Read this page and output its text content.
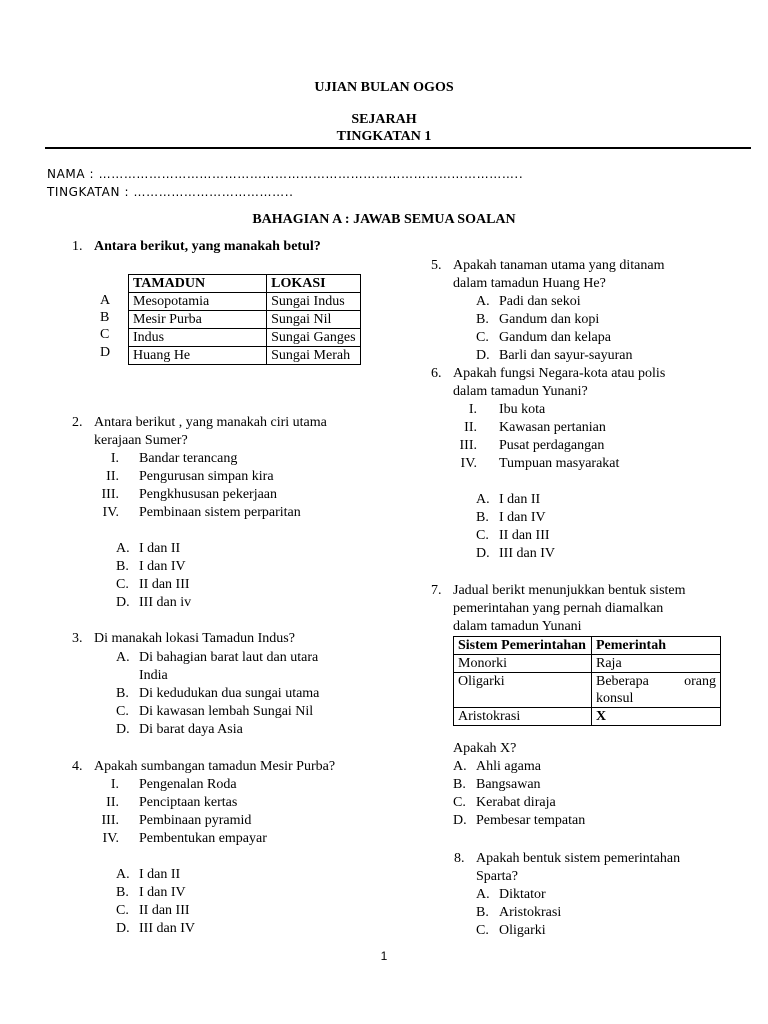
UJIAN BULAN OGOS
SEJARAH
TINGKATAN 1
NAMA : ………………………………………………………………………………………..
TINGKATAN : ………………………………..
BAHAGIAN A : JAWAB SEMUA SOALAN
1. Antara berikut, yang manakah betul?
A
B
C
D
TAMADUN	LOKASI
Mesopotamia	Sungai Indus
Mesir Purba	Sungai Nil
Indus	Sungai Ganges
Huang He	Sungai Merah
2. Antara berikut , yang manakah ciri utama
kerajaan Sumer?
I. Bandar terancang
II. Pengurusan simpan kira
III. Pengkhususan pekerjaan
IV. Pembinaan sistem perparitan
A. I dan II
B. I dan IV
C. II dan III
D. III dan iv
3. Di manakah lokasi Tamadun Indus?
A. Di bahagian barat laut dan utara
India
B. Di kedudukan dua sungai utama
C. Di kawasan lembah Sungai Nil
D. Di barat daya Asia
4. Apakah sumbangan tamadun Mesir Purba?
I. Pengenalan Roda
II. Penciptaan kertas
III. Pembinaan pyramid
IV. Pembentukan empayar
A. I dan II
B. I dan IV
C. II dan III
D. III dan IV
5. Apakah tanaman utama yang ditanam
dalam tamadun Huang He?
A. Padi dan sekoi
B. Gandum dan kopi
C. Gandum dan kelapa
D. Barli dan sayur-sayuran
6. Apakah fungsi Negara-kota atau polis
dalam tamadun Yunani?
I. Ibu kota
II. Kawasan pertanian
III. Pusat perdagangan
IV. Tumpuan masyarakat
A. I dan II
B. I dan IV
C. II dan III
D. III dan IV
7. Jadual berikt menunjukkan bentuk sistem
pemerintahan yang pernah diamalkan
dalam tamadun Yunani
Sistem Pemerintahan	Pemerintah
Monorki	Raja
Oligarki	Beberapa orang konsul
Aristokrasi	X
Apakah X?
A. Ahli agama
B. Bangsawan
C. Kerabat diraja
D. Pembesar tempatan
8. Apakah bentuk sistem pemerintahan
Sparta?
A. Diktator
B. Aristokrasi
C. Oligarki
1
